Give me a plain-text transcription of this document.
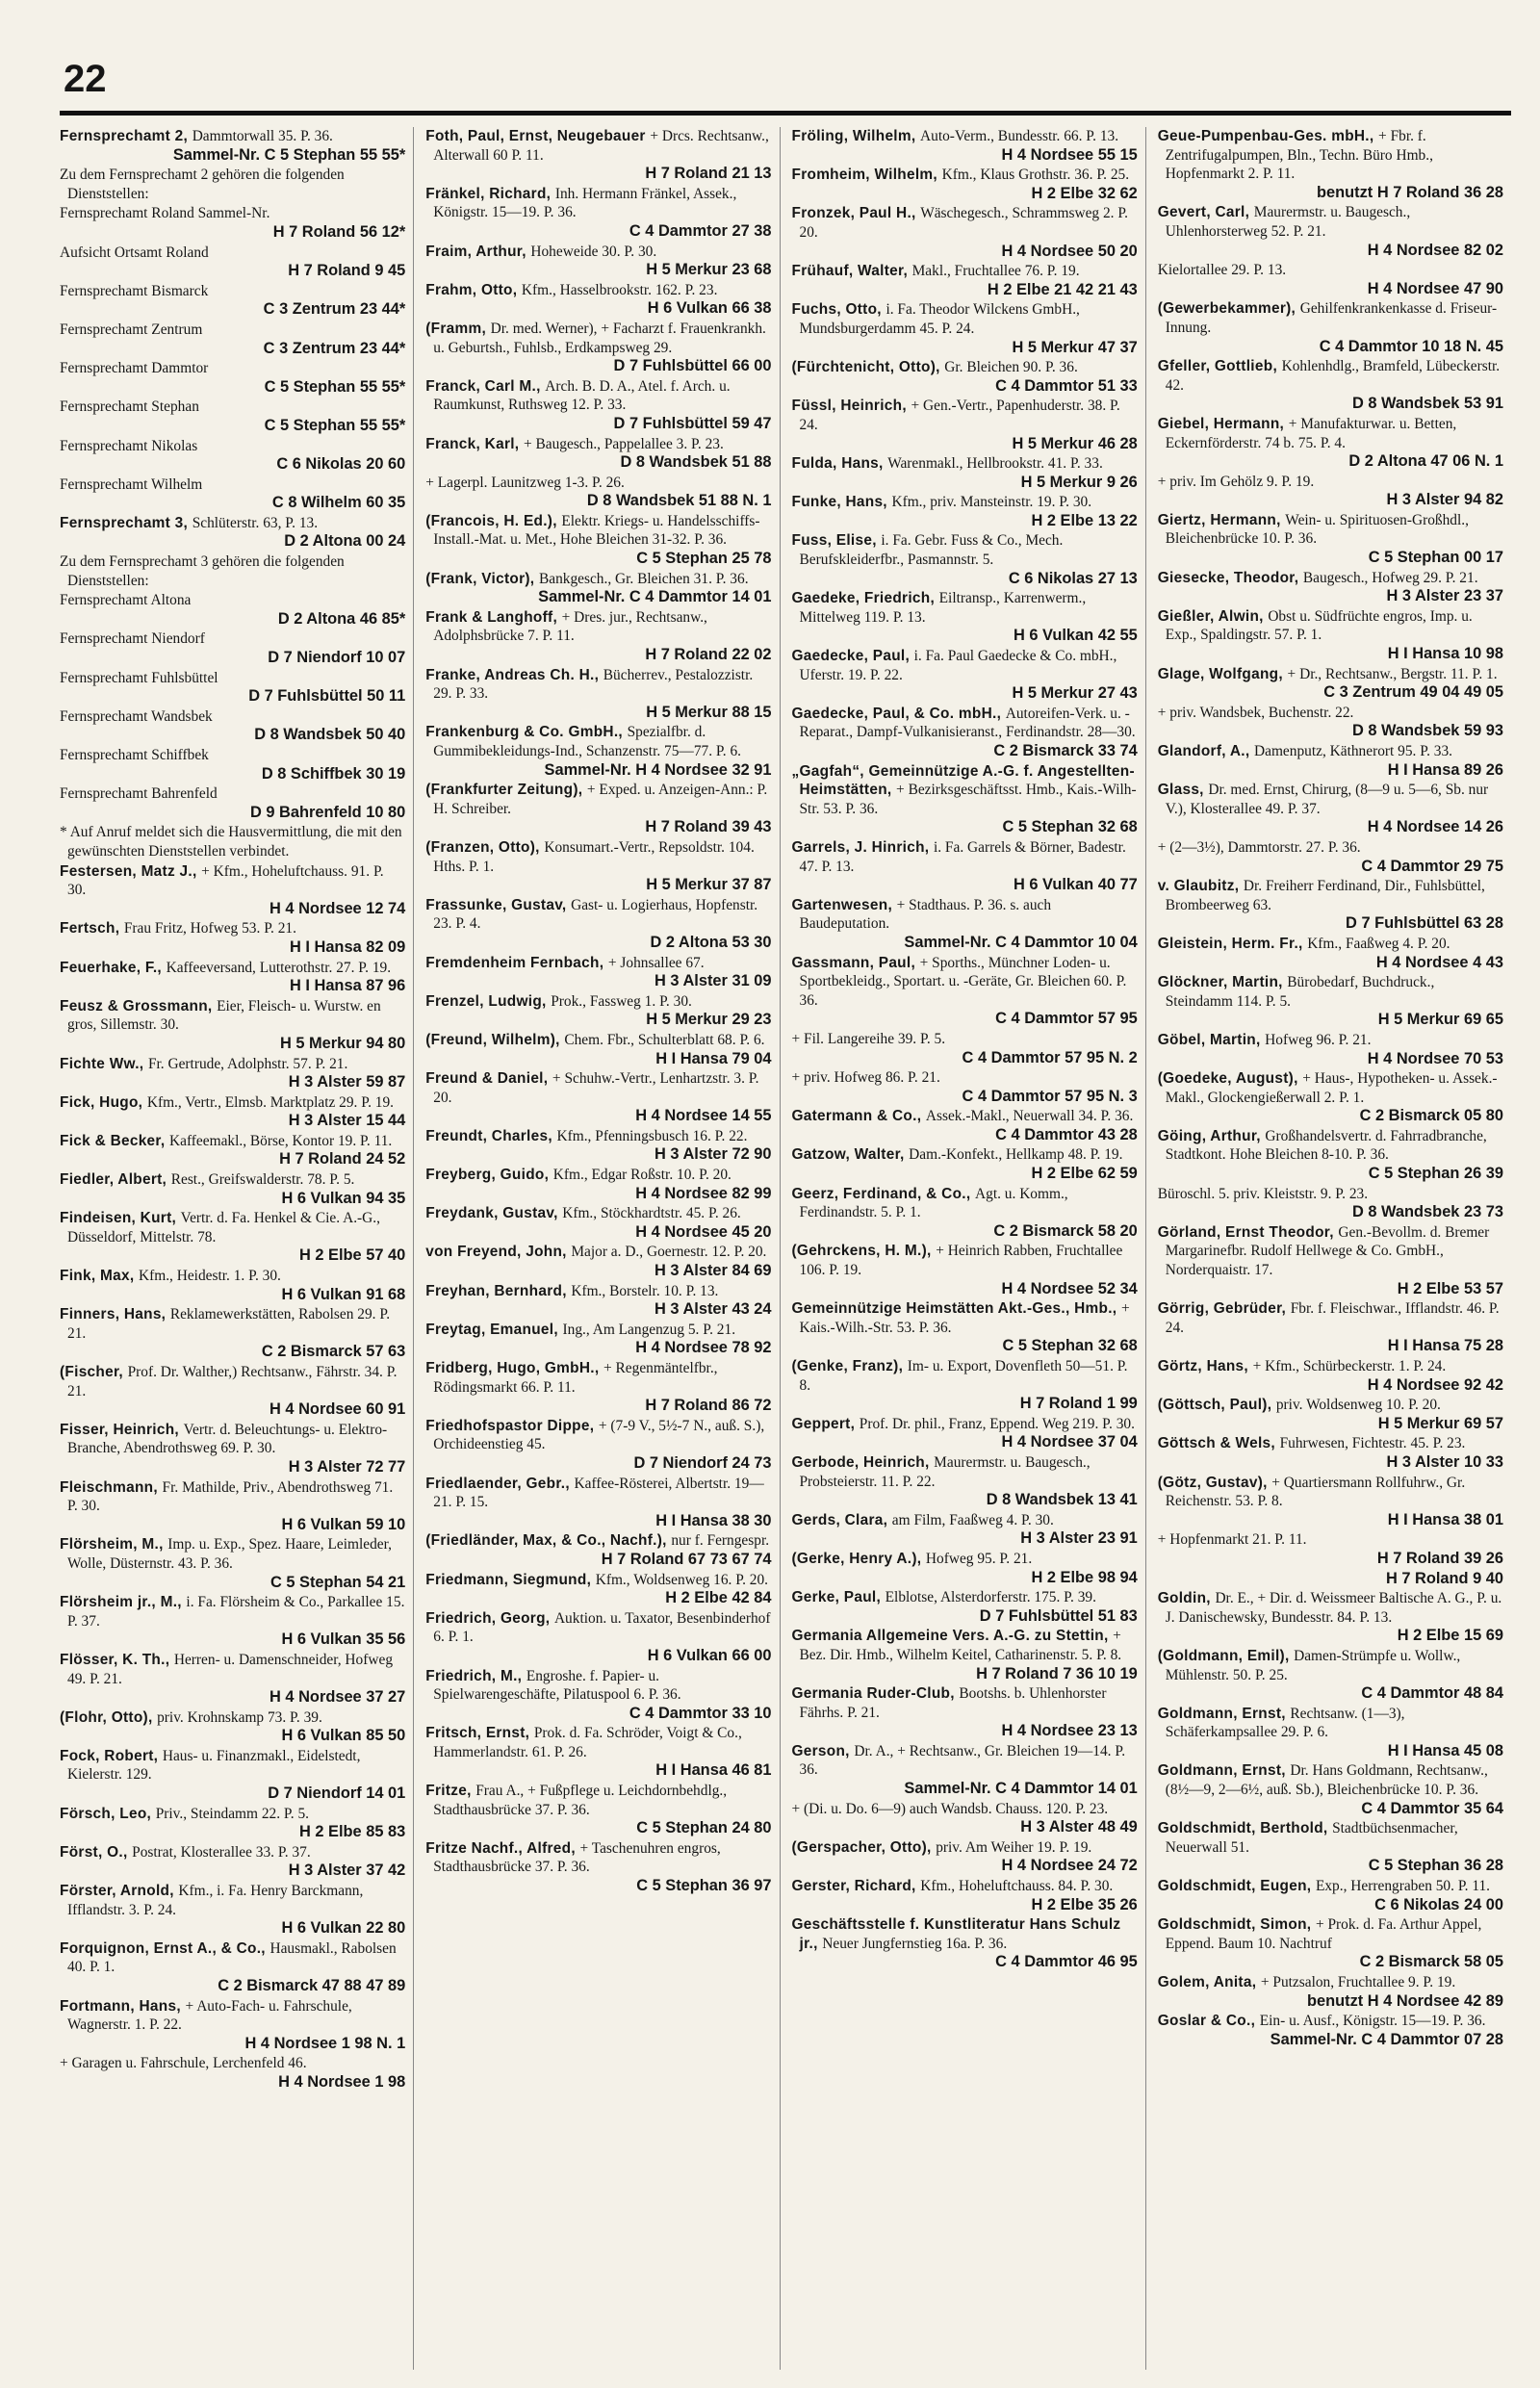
22
Fernsprechamt 2, Dammtorwall 35. P. 36.
Sammel-Nr. C 5 Stephan 55 55*
Zu dem Fernsprechamt 2 gehören die folgenden Dienststellen:
Fernsprechamt Roland Sammel-Nr.
H 7 Roland 56 12*
Aufsicht Ortsamt Roland
H 7 Roland 9 45
Fernsprechamt Bismarck
C 3 Zentrum 23 44*
Fernsprechamt Zentrum
C 3 Zentrum 23 44*
Fernsprechamt Dammtor
C 5 Stephan 55 55*
Fernsprechamt Stephan
C 5 Stephan 55 55*
Fernsprechamt Nikolas
C 6 Nikolas 20 60
Fernsprechamt Wilhelm
C 8 Wilhelm 60 35
Fernsprechamt 3, Schlüterstr. 63, P. 13.
D 2 Altona 00 24
Zu dem Fernsprechamt 3 gehören die folgenden Dienststellen:
Fernsprechamt Altona
D 2 Altona 46 85*
Fernsprechamt Niendorf
D 7 Niendorf 10 07
Fernsprechamt Fuhlsbüttel
D 7 Fuhlsbüttel 50 11
Fernsprechamt Wandsbek
D 8 Wandsbek 50 40
Fernsprechamt Schiffbek
D 8 Schiffbek 30 19
Fernsprechamt Bahrenfeld
D 9 Bahrenfeld 10 80
* Auf Anruf meldet sich die Hausvermittlung, die mit den gewünschten Dienststellen verbindet.
Festersen, Matz J., + Kfm., Hoheluftchauss. 91. P. 30.
H 4 Nordsee 12 74
Fertsch, Frau Fritz, Hofweg 53. P. 21.
H I Hansa 82 09
Feuerhake, F., Kaffeeversand, Lutterothstr. 27. P. 19.
H I Hansa 87 96
Feusz & Grossmann, Eier, Fleisch- u. Wurstw. en gros, Sillemstr. 30.
H 5 Merkur 94 80
Fichte Ww., Fr. Gertrude, Adolphstr. 57. P. 21.
H 3 Alster 59 87
Fick, Hugo, Kfm., Vertr., Elmsb. Marktplatz 29. P. 19.
H 3 Alster 15 44
Fick & Becker, Kaffeemakl., Börse, Kontor 19. P. 11.
H 7 Roland 24 52
Fiedler, Albert, Rest., Greifswalderstr. 78. P. 5.
H 6 Vulkan 94 35
Findeisen, Kurt, Vertr. d. Fa. Henkel & Cie. A.-G., Düsseldorf, Mittelstr. 78.
H 2 Elbe 57 40
Fink, Max, Kfm., Heidestr. 1. P. 30.
H 6 Vulkan 91 68
Finners, Hans, Reklamewerkstätten, Rabolsen 29. P. 21.
C 2 Bismarck 57 63
(Fischer, Prof. Dr. Walther,) Rechtsanw., Fährstr. 34. P. 21.
H 4 Nordsee 60 91
Fisser, Heinrich, Vertr. d. Beleuchtungs- u. Elektro-Branche, Abendrothsweg 69. P. 30.
H 3 Alster 72 77
Fleischmann, Fr. Mathilde, Priv., Abendrothsweg 71. P. 30.
H 6 Vulkan 59 10
Flörsheim, M., Imp. u. Exp., Spez. Haare, Leimleder, Wolle, Düsternstr. 43. P. 36.
C 5 Stephan 54 21
Flörsheim jr., M., i. Fa. Flörsheim & Co., Parkallee 15. P. 37.
H 6 Vulkan 35 56
Flösser, K. Th., Herren- u. Damenschneider, Hofweg 49. P. 21.
H 4 Nordsee 37 27
(Flohr, Otto), priv. Krohnskamp 73. P. 39.
H 6 Vulkan 85 50
Fock, Robert, Haus- u. Finanzmakl., Eidelstedt, Kielerstr. 129.
D 7 Niendorf 14 01
Försch, Leo, Priv., Steindamm 22. P. 5.
H 2 Elbe 85 83
Först, O., Postrat, Klosterallee 33. P. 37.
H 3 Alster 37 42
Förster, Arnold, Kfm., i. Fa. Henry Barckmann, Ifflandstr. 3. P. 24.
H 6 Vulkan 22 80
Forquignon, Ernst A., & Co., Hausmakl., Rabolsen 40. P. 1.
C 2 Bismarck 47 88 47 89
Fortmann, Hans, + Auto-Fach- u. Fahrschule, Wagnerstr. 1. P. 22.
H 4 Nordsee 1 98 N. 1
+ Garagen u. Fahrschule, Lerchenfeld 46.
H 4 Nordsee 1 98
Foth, Paul, Ernst, Neugebauer + Drcs. Rechtsanw., Alterwall 60 P. 11.
H 7 Roland 21 13
Fränkel, Richard, Inh. Hermann Fränkel, Assek., Königstr. 15—19. P. 36.
C 4 Dammtor 27 38
Fraim, Arthur, Hoheweide 30. P. 30.
H 5 Merkur 23 68
Frahm, Otto, Kfm., Hasselbrookstr. 162. P. 23.
H 6 Vulkan 66 38
(Framm, Dr. med. Werner), + Facharzt f. Frauenkrankh. u. Geburtsh., Fuhlsb., Erdkampsweg 29.
D 7 Fuhlsbüttel 66 00
Franck, Carl M., Arch. B. D. A., Atel. f. Arch. u. Raumkunst, Ruthsweg 12. P. 33.
D 7 Fuhlsbüttel 59 47
Franck, Karl, + Baugesch., Pappelallee 3. P. 23.
D 8 Wandsbek 51 88
+ Lagerpl. Launitzweg 1-3. P. 26.
D 8 Wandsbek 51 88 N. 1
(Francois, H. Ed.), Elektr. Kriegs- u. Handelsschiffs-Install.-Mat. u. Met., Hohe Bleichen 31-32. P. 36.
C 5 Stephan 25 78
(Frank, Victor), Bankgesch., Gr. Bleichen 31. P. 36.
Sammel-Nr. C 4 Dammtor 14 01
Frank & Langhoff, + Dres. jur., Rechtsanw., Adolphsbrücke 7. P. 11.
H 7 Roland 22 02
Franke, Andreas Ch. H., Bücherrev., Pestalozzistr. 29. P. 33.
H 5 Merkur 88 15
Frankenburg & Co. GmbH., Spezialfbr. d. Gummibekleidungs-Ind., Schanzenstr. 75—77. P. 6.
Sammel-Nr. H 4 Nordsee 32 91
(Frankfurter Zeitung), + Exped. u. Anzeigen-Ann.: P. H. Schreiber.
H 7 Roland 39 43
(Franzen, Otto), Konsumart.-Vertr., Repsoldstr. 104. Hths. P. 1.
H 5 Merkur 37 87
Frassunke, Gustav, Gast- u. Logierhaus, Hopfenstr. 23. P. 4.
D 2 Altona 53 30
Fremdenheim Fernbach, + Johnsallee 67.
H 3 Alster 31 09
Frenzel, Ludwig, Prok., Fassweg 1. P. 30.
H 5 Merkur 29 23
(Freund, Wilhelm), Chem. Fbr., Schulterblatt 68. P. 6.
H I Hansa 79 04
Freund & Daniel, + Schuhw.-Vertr., Lenhartzstr. 3. P. 20.
H 4 Nordsee 14 55
Freundt, Charles, Kfm., Pfenningsbusch 16. P. 22.
H 3 Alster 72 90
Freyberg, Guido, Kfm., Edgar Roßstr. 10. P. 20.
H 4 Nordsee 82 99
Freydank, Gustav, Kfm., Stöckhardtstr. 45. P. 26.
H 4 Nordsee 45 20
von Freyend, John, Major a. D., Goernestr. 12. P. 20.
H 3 Alster 84 69
Freyhan, Bernhard, Kfm., Borstelr. 10. P. 13.
H 3 Alster 43 24
Freytag, Emanuel, Ing., Am Langenzug 5. P. 21.
H 4 Nordsee 78 92
Fridberg, Hugo, GmbH., + Regenmäntelfbr., Rödingsmarkt 66. P. 11.
H 7 Roland 86 72
Friedhofspastor Dippe, + (7-9 V., 5½-7 N., auß. S.), Orchideenstieg 45.
D 7 Niendorf 24 73
Friedlaender, Gebr., Kaffee-Rösterei, Albertstr. 19—21. P. 15.
H I Hansa 38 30
(Friedländer, Max, & Co., Nachf.), nur f. Ferngespr.
H 7 Roland 67 73 67 74
Friedmann, Siegmund, Kfm., Woldsenweg 16. P. 20.
H 2 Elbe 42 84
Friedrich, Georg, Auktion. u. Taxator, Besenbinderhof 6. P. 1.
H 6 Vulkan 66 00
Friedrich, M., Engroshe. f. Papier- u. Spielwarengeschäfte, Pilatuspool 6. P. 36.
C 4 Dammtor 33 10
Fritsch, Ernst, Prok. d. Fa. Schröder, Voigt & Co., Hammerlandstr. 61. P. 26.
H I Hansa 46 81
Fritze, Frau A., + Fußpflege u. Leichdornbehdlg., Stadthausbrücke 37. P. 36.
C 5 Stephan 24 80
Fritze Nachf., Alfred, + Taschenuhren engros, Stadthausbrücke 37. P. 36.
C 5 Stephan 36 97
Fröling, Wilhelm, Auto-Verm., Bundesstr. 66. P. 13.
H 4 Nordsee 55 15
Fromheim, Wilhelm, Kfm., Klaus Grothstr. 36. P. 25.
H 2 Elbe 32 62
Fronzek, Paul H., Wäschegesch., Schrammsweg 2. P. 20.
H 4 Nordsee 50 20
Frühauf, Walter, Makl., Fruchtallee 76. P. 19.
H 2 Elbe 21 42 21 43
Fuchs, Otto, i. Fa. Theodor Wilckens GmbH., Mundsburgerdamm 45. P. 24.
H 5 Merkur 47 37
(Fürchtenicht, Otto), Gr. Bleichen 90. P. 36.
C 4 Dammtor 51 33
Füssl, Heinrich, + Gen.-Vertr., Papenhuderstr. 38. P. 24.
H 5 Merkur 46 28
Fulda, Hans, Warenmakl., Hellbrookstr. 41. P. 33.
H 5 Merkur 9 26
Funke, Hans, Kfm., priv. Mansteinstr. 19. P. 30.
H 2 Elbe 13 22
Fuss, Elise, i. Fa. Gebr. Fuss & Co., Mech. Berufskleiderfbr., Pasmannstr. 5.
C 6 Nikolas 27 13
Gaedeke, Friedrich, Eiltransp., Karrenwerm., Mittelweg 119. P. 13.
H 6 Vulkan 42 55
Gaedecke, Paul, i. Fa. Paul Gaedecke & Co. mbH., Uferstr. 19. P. 22.
H 5 Merkur 27 43
Gaedecke, Paul, & Co. mbH., Autoreifen-Verk. u. -Reparat., Dampf-Vulkanisieranst., Ferdinandstr. 28—30.
C 2 Bismarck 33 74
„Gagfah“, Gemeinnützige A.-G. f. Angestellten-Heimstätten, + Bezirksgeschäftsst. Hmb., Kais.-Wilh-Str. 53. P. 36.
C 5 Stephan 32 68
Garrels, J. Hinrich, i. Fa. Garrels & Börner, Badestr. 47. P. 13.
H 6 Vulkan 40 77
Gartenwesen, + Stadthaus. P. 36. s. auch Baudeputation.
Sammel-Nr. C 4 Dammtor 10 04
Gassmann, Paul, + Sporths., Münchner Loden- u. Sportbekleidg., Sportart. u. -Geräte, Gr. Bleichen 60. P. 36.
C 4 Dammtor 57 95
+ Fil. Langereihe 39. P. 5.
C 4 Dammtor 57 95 N. 2
+ priv. Hofweg 86. P. 21.
C 4 Dammtor 57 95 N. 3
Gatermann & Co., Assek.-Makl., Neuerwall 34. P. 36.
C 4 Dammtor 43 28
Gatzow, Walter, Dam.-Konfekt., Hellkamp 48. P. 19.
H 2 Elbe 62 59
Geerz, Ferdinand, & Co., Agt. u. Komm., Ferdinandstr. 5. P. 1.
C 2 Bismarck 58 20
(Gehrckens, H. M.), + Heinrich Rabben, Fruchtallee 106. P. 19.
H 4 Nordsee 52 34
Gemeinnützige Heimstätten Akt.-Ges., Hmb., + Kais.-Wilh.-Str. 53. P. 36.
C 5 Stephan 32 68
(Genke, Franz), Im- u. Export, Dovenfleth 50—51. P. 8.
H 7 Roland 1 99
Geppert, Prof. Dr. phil., Franz, Eppend. Weg 219. P. 30.
H 4 Nordsee 37 04
Gerbode, Heinrich, Maurermstr. u. Baugesch., Probsteierstr. 11. P. 22.
D 8 Wandsbek 13 41
Gerds, Clara, am Film, Faaßweg 4. P. 30.
H 3 Alster 23 91
(Gerke, Henry A.), Hofweg 95. P. 21.
H 2 Elbe 98 94
Gerke, Paul, Elblotse, Alsterdorferstr. 175. P. 39.
D 7 Fuhlsbüttel 51 83
Germania Allgemeine Vers. A.-G. zu Stettin, + Bez. Dir. Hmb., Wilhelm Keitel, Catharinenstr. 5. P. 8.
H 7 Roland 7 36 10 19
Germania Ruder-Club, Bootshs. b. Uhlenhorster Fährhs. P. 21.
H 4 Nordsee 23 13
Gerson, Dr. A., + Rechtsanw., Gr. Bleichen 19—14. P. 36.
Sammel-Nr. C 4 Dammtor 14 01
+ (Di. u. Do. 6—9) auch Wandsb. Chauss. 120. P. 23.
H 3 Alster 48 49
(Gerspacher, Otto), priv. Am Weiher 19. P. 19.
H 4 Nordsee 24 72
Gerster, Richard, Kfm., Hoheluftchauss. 84. P. 30.
H 2 Elbe 35 26
Geschäftsstelle f. Kunstliteratur Hans Schulz jr., Neuer Jungfernstieg 16a. P. 36.
C 4 Dammtor 46 95
Geue-Pumpenbau-Ges. mbH., + Fbr. f. Zentrifugalpumpen, Bln., Techn. Büro Hmb., Hopfenmarkt 2. P. 11.
benutzt H 7 Roland 36 28
Gevert, Carl, Maurermstr. u. Baugesch., Uhlenhorsterweg 52. P. 21.
H 4 Nordsee 82 02
Kielortallee 29. P. 13.
H 4 Nordsee 47 90
(Gewerbekammer), Gehilfenkrankenkasse d. Friseur-Innung.
C 4 Dammtor 10 18 N. 45
Gfeller, Gottlieb, Kohlenhdlg., Bramfeld, Lübeckerstr. 42.
D 8 Wandsbek 53 91
Giebel, Hermann, + Manufakturwar. u. Betten, Eckernförderstr. 74 b. 75. P. 4.
D 2 Altona 47 06 N. 1
+ priv. Im Gehölz 9. P. 19.
H 3 Alster 94 82
Giertz, Hermann, Wein- u. Spirituosen-Großhdl., Bleichenbrücke 10. P. 36.
C 5 Stephan 00 17
Giesecke, Theodor, Baugesch., Hofweg 29. P. 21.
H 3 Alster 23 37
Gießler, Alwin, Obst u. Südfrüchte engros, Imp. u. Exp., Spaldingstr. 57. P. 1.
H I Hansa 10 98
Glage, Wolfgang, + Dr., Rechtsanw., Bergstr. 11. P. 1.
C 3 Zentrum 49 04 49 05
+ priv. Wandsbek, Buchenstr. 22.
D 8 Wandsbek 59 93
Glandorf, A., Damenputz, Käthnerort 95. P. 33.
H I Hansa 89 26
Glass, Dr. med. Ernst, Chirurg, (8—9 u. 5—6, Sb. nur V.), Klosterallee 49. P. 37.
H 4 Nordsee 14 26
+ (2—3½), Dammtorstr. 27. P. 36.
C 4 Dammtor 29 75
v. Glaubitz, Dr. Freiherr Ferdinand, Dir., Fuhlsbüttel, Brombeerweg 63.
D 7 Fuhlsbüttel 63 28
Gleistein, Herm. Fr., Kfm., Faaßweg 4. P. 20.
H 4 Nordsee 4 43
Glöckner, Martin, Bürobedarf, Buchdruck., Steindamm 114. P. 5.
H 5 Merkur 69 65
Göbel, Martin, Hofweg 96. P. 21.
H 4 Nordsee 70 53
(Goedeke, August), + Haus-, Hypotheken- u. Assek.-Makl., Glockengießerwall 2. P. 1.
C 2 Bismarck 05 80
Göing, Arthur, Großhandelsvertr. d. Fahrradbranche, Stadtkont. Hohe Bleichen 8-10. P. 36.
C 5 Stephan 26 39
Büroschl. 5. priv. Kleiststr. 9. P. 23.
D 8 Wandsbek 23 73
Görland, Ernst Theodor, Gen.-Bevollm. d. Bremer Margarinefbr. Rudolf Hellwege & Co. GmbH., Norderquaistr. 17.
H 2 Elbe 53 57
Görrig, Gebrüder, Fbr. f. Fleischwar., Ifflandstr. 46. P. 24.
H I Hansa 75 28
Görtz, Hans, + Kfm., Schürbeckerstr. 1. P. 24.
H 4 Nordsee 92 42
(Göttsch, Paul), priv. Woldsenweg 10. P. 20.
H 5 Merkur 69 57
Göttsch & Wels, Fuhrwesen, Fichtestr. 45. P. 23.
H 3 Alster 10 33
(Götz, Gustav), + Quartiersmann Rollfuhrw., Gr. Reichenstr. 53. P. 8.
H I Hansa 38 01
+ Hopfenmarkt 21. P. 11.
H 7 Roland 39 26
H 7 Roland 9 40
Goldin, Dr. E., + Dir. d. Weissmeer Baltische A. G., P. u. J. Danischewsky, Bundesstr. 84. P. 13.
H 2 Elbe 15 69
(Goldmann, Emil), Damen-Strümpfe u. Wollw., Mühlenstr. 50. P. 25.
C 4 Dammtor 48 84
Goldmann, Ernst, Rechtsanw. (1—3), Schäferkampsallee 29. P. 6.
H I Hansa 45 08
Goldmann, Ernst, Dr. Hans Goldmann, Rechtsanw., (8½—9, 2—6½, auß. Sb.), Bleichenbrücke 10. P. 36.
C 4 Dammtor 35 64
Goldschmidt, Berthold, Stadtbüchsenmacher, Neuerwall 51.
C 5 Stephan 36 28
Goldschmidt, Eugen, Exp., Herrengraben 50. P. 11.
C 6 Nikolas 24 00
Goldschmidt, Simon, + Prok. d. Fa. Arthur Appel, Eppend. Baum 10. Nachtruf
C 2 Bismarck 58 05
Golem, Anita, + Putzsalon, Fruchtallee 9. P. 19.
benutzt H 4 Nordsee 42 89
Goslar & Co., Ein- u. Ausf., Königstr. 15—19. P. 36.
Sammel-Nr. C 4 Dammtor 07 28
